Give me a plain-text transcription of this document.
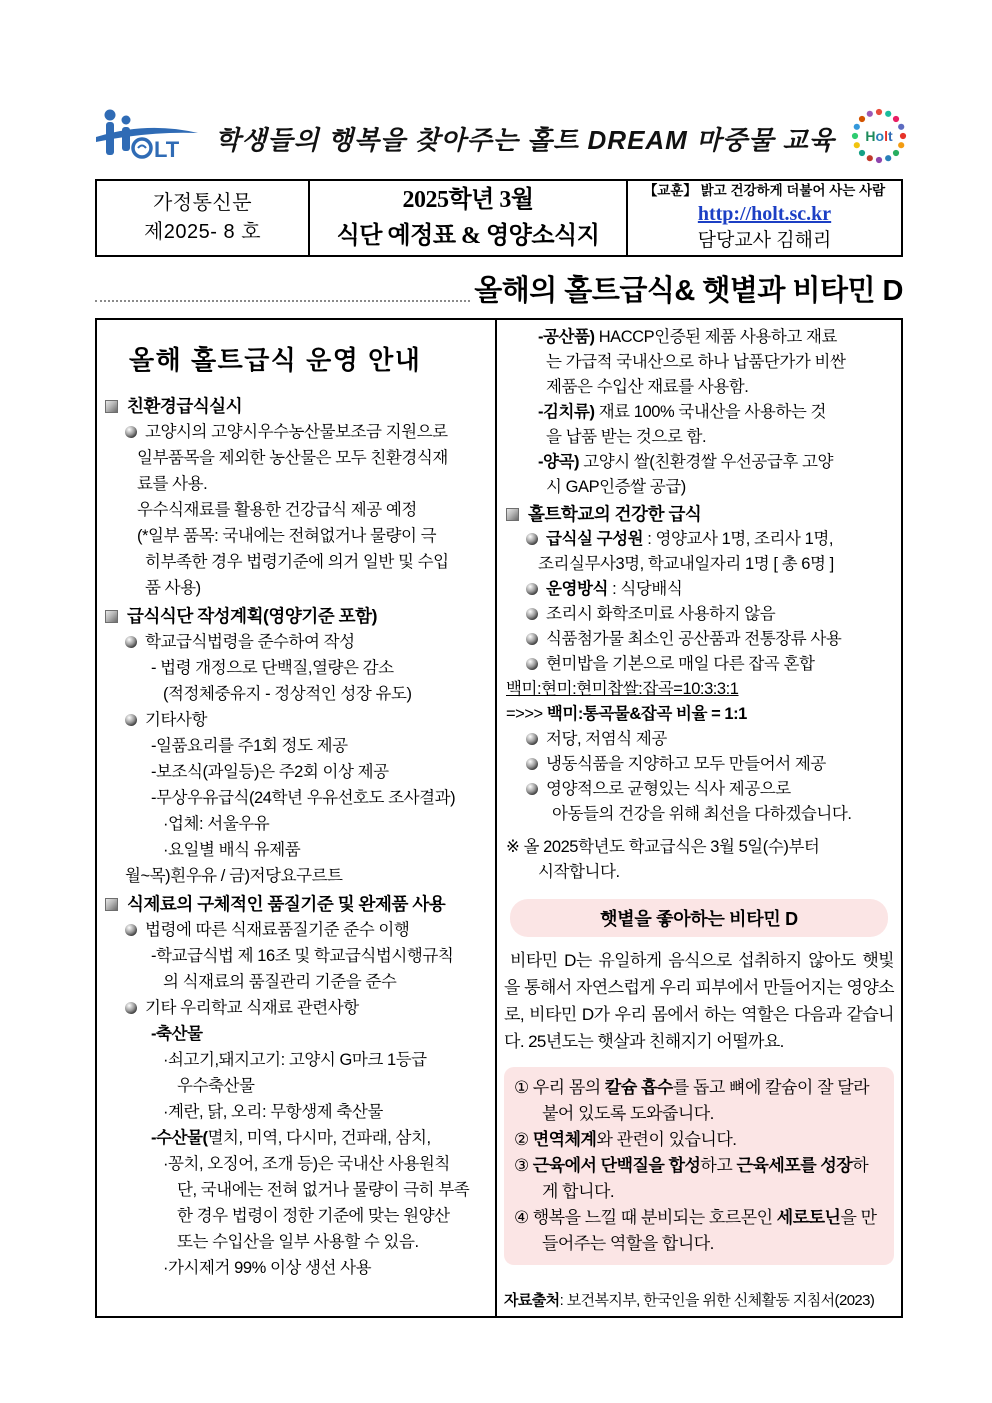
LT	학생들의 행복을 찾아주는 홀트 DREAM 마중물 교육	Holt
가정통신문
제2025- 8 호
2025학년 3월
식단 예정표 & 영양소식지
【교훈】 밝고 건강하게 더불어 사는 사람
http://holt.sc.kr
담당교사 김해리
올해의 홀트급식& 햇볕과 비타민 D
올해 홀트급식 운영 안내
친환경급식실시
고양시의 고양시우수농산물보조금 지원으로
일부품목을 제외한 농산물은 모두 친환경식재
료를 사용.
우수식재료를 활용한 건강급식 제공 예정
(*일부 품목: 국내에는 전혀없거나 물량이 극
히부족한 경우 법령기준에 의거 일반 및 수입
품 사용)
급식식단 작성계획(영양기준 포함)
학교급식법령을 준수하여 작성
- 법령 개정으로 단백질,열량은 감소
(적정체중유지 - 정상적인 성장 유도)
기타사항
-일품요리를 주1회 정도 제공
-보조식(과일등)은 주2회 이상 제공
-무상우유급식(24학년 우유선호도 조사결과)
·업체: 서울우유
·요일별 배식 유제품
월~목)흰우유 / 금)저당요구르트
식제료의 구체적인 품질기준 및 완제품 사용
법령에 따른 식재료품질기준 준수 이행
-학교급식법 제 16조 및 학교급식법시행규칙
의 식재료의 품질관리 기준을 준수
기타 우리학교 식재료 관련사항
-축산물
·쇠고기,돼지고기: 고양시 G마크 1등급
우수축산물
·계란, 닭, 오리: 무항생제 축산물
-수산물(멸치, 미역, 다시마, 건파래, 삼치,
·꽁치, 오징어, 조개 등)은 국내산 사용원칙
단, 국내에는 전혀 없거나 물량이 극히 부족
한 경우 법령이 정한 기준에 맞는 원양산
또는 수입산을 일부 사용할 수 있음.
·가시제거 99% 이상 생선 사용
-공산품) HACCP인증된 제품 사용하고 재료
는 가급적 국내산으로 하나 납품단가가 비싼
제품은 수입산 재료를 사용함.
-김치류) 재료 100% 국내산을 사용하는 것
을 납품 받는 것으로 함.
-양곡) 고양시 쌀(친환경쌀 우선공급후 고양
시 GAP인증쌀 공급)
홀트학교의 건강한 급식
급식실 구성원 : 영양교사 1명, 조리사 1명,
조리실무사3명, 학교내일자리 1명 [ 총 6명 ]
운영방식 : 식당배식
조리시 화학조미료 사용하지 않음
식품첨가물 최소인 공산품과 전통장류 사용
현미밥을 기본으로 매일 다른 잡곡 혼합
백미:현미:현미찹쌀:잡곡=10:3:3:1
=>>> 백미:통곡물&잡곡 비율 = 1:1
저당, 저염식 제공
냉동식품을 지양하고 모두 만들어서 제공
영양적으로 균형있는 식사 제공으로
아동들의 건강을 위해 최선을 다하겠습니다.
※ 올 2025학년도 학교급식은 3월 5일(수)부터
시작합니다.
햇볕을 좋아하는 비타민 D
비타민 D는 유일하게 음식으로 섭취하지 않아도 햇빛을 통해서 자연스럽게 우리 피부에서 만들어지는 영양소로, 비타민 D가 우리 몸에서 하는 역할은 다음과 같습니다. 25년도는 햇살과 친해지기 어떨까요.
① 우리 몸의 칼슘 흡수를 돕고 뼈에 칼슘이 잘 달라붙어 있도록 도와줍니다.
② 면역체계와 관련이 있습니다.
③ 근육에서 단백질을 합성하고 근육세포를 성장하게 합니다.
④ 행복을 느낄 때 분비되는 호르몬인 세로토닌을 만들어주는 역할을 합니다.
자료출처: 보건복지부, 한국인을 위한 신체활동 지침서(2023)
